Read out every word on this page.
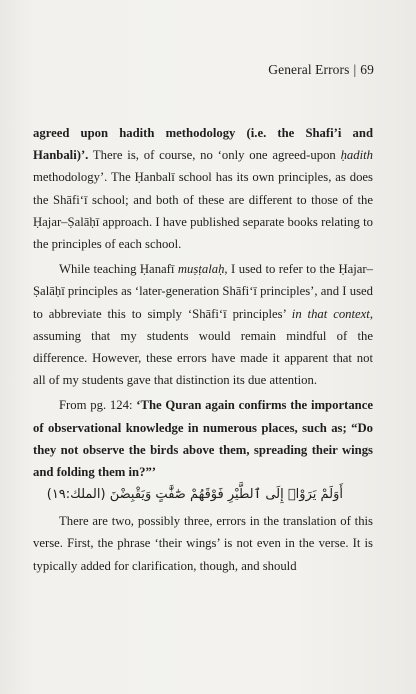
General Errors | 69

agreed upon hadith methodology (i.e. the Shafi’i and Hanbali)’. There is, of course, no ‘only one agreed-upon ḥadith methodology’. The Ḥanbalī school has its own principles, as does the Shāfi‘ī school; and both of these are different to those of the Ḥajar–Ṣalāḥī approach. I have published separate books relating to the principles of each school.

While teaching Ḥanafī muṣṭalaḥ, I used to refer to the Ḥajar–Ṣalāḥī principles as ‘later-generation Shāfi‘ī principles’, and I used to abbreviate this to simply ‘Shāfi‘ī principles’ in that context, assuming that my students would remain mindful of the difference. However, these errors have made it apparent that not all of my students gave that distinction its due attention.

From pg. 124: ‘The Quran again confirms the importance of observational knowledge in numerous places, such as; “Do they not observe the birds above them, spreading their wings and folding them in?”’

أَوَلَمْ يَرَوْا۟ إِلَى ٱلطَّيْرِ فَوْقَهُمْ صَٰٓفَّٰتٍ وَيَقْبِضْنَ (الملك:١٩)

There are two, possibly three, errors in the translation of this verse. First, the phrase ‘their wings’ is not even in the verse. It is typically added for clarification, though, and should
